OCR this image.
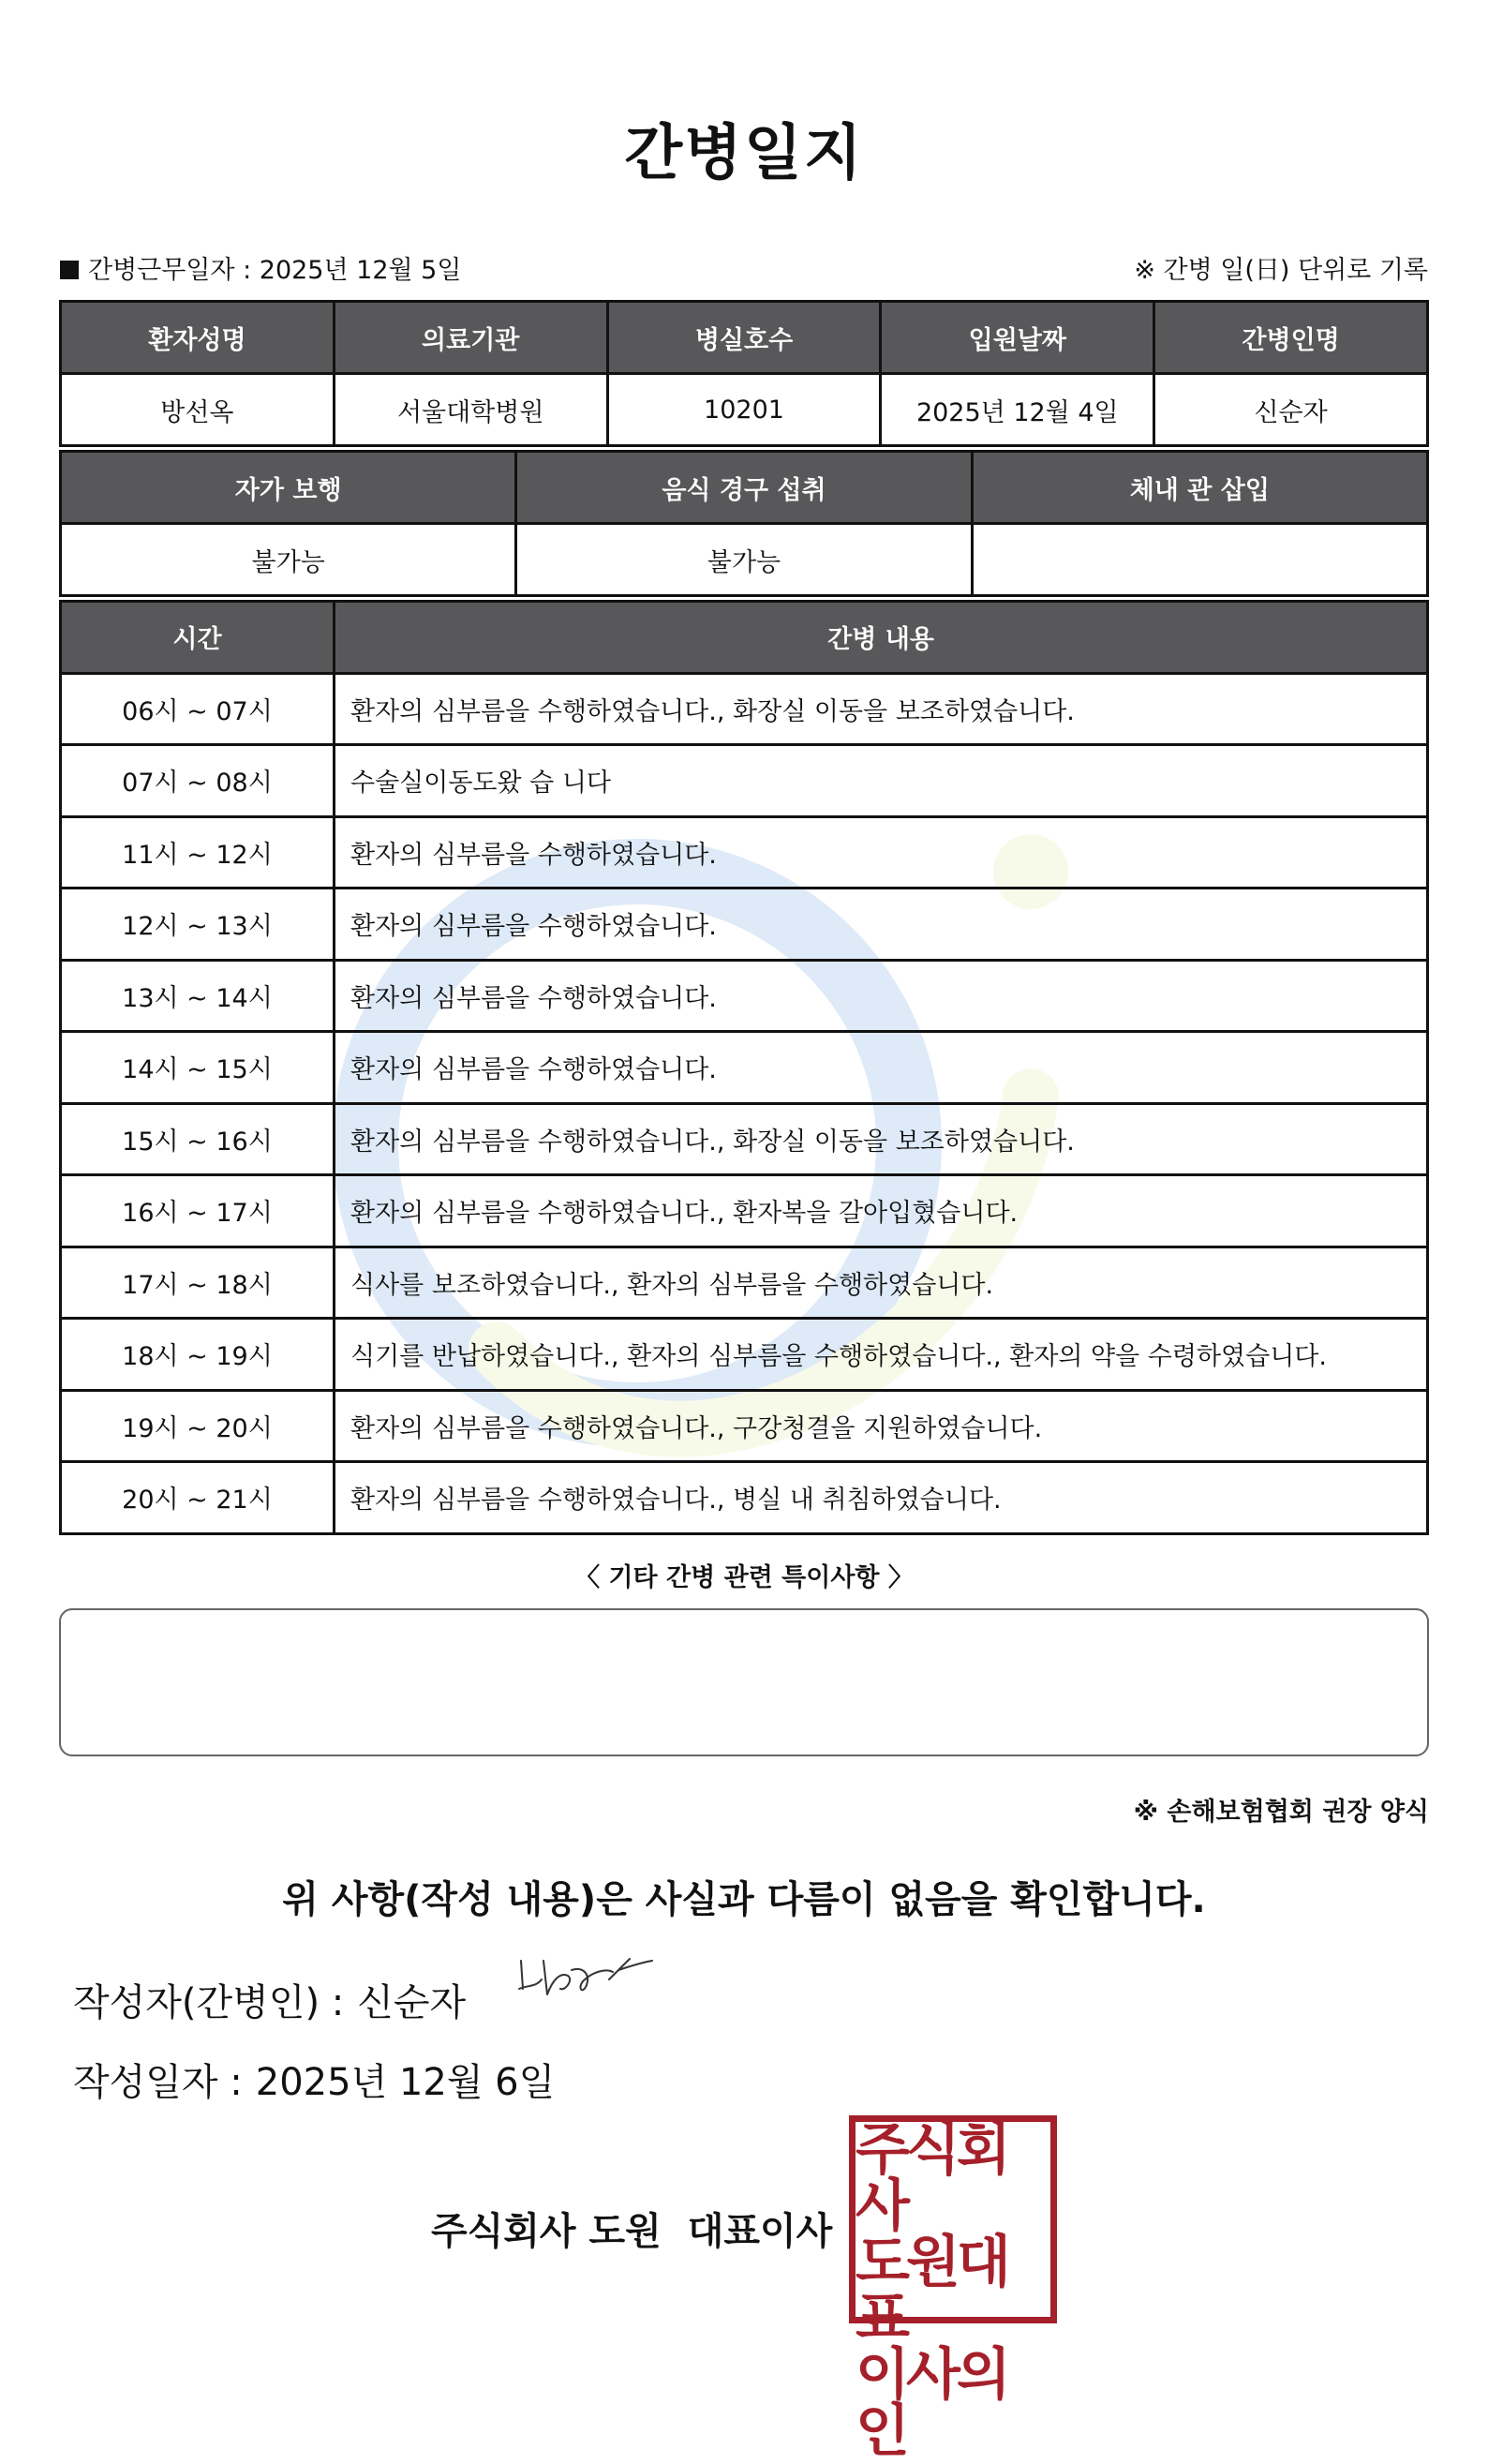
간병일지
간병근무일자 : 2025년 12월 5일	※ 간병 일(日) 단위로 기록
환자성명	의료기관	병실호수	입원날짜	간병인명
방선옥	서울대학병원	10201	2025년 12월 4일	신순자
자가 보행	음식 경구 섭취	체내 관 삽입
불가능	불가능	
시간	간병 내용
06시 ~ 07시	환자의 심부름을 수행하였습니다., 화장실 이동을 보조하였습니다.
07시 ~ 08시	수술실이동도왔 습 니다
11시 ~ 12시	환자의 심부름을 수행하였습니다.
12시 ~ 13시	환자의 심부름을 수행하였습니다.
13시 ~ 14시	환자의 심부름을 수행하였습니다.
14시 ~ 15시	환자의 심부름을 수행하였습니다.
15시 ~ 16시	환자의 심부름을 수행하였습니다., 화장실 이동을 보조하였습니다.
16시 ~ 17시	환자의 심부름을 수행하였습니다., 환자복을 갈아입혔습니다.
17시 ~ 18시	식사를 보조하였습니다., 환자의 심부름을 수행하였습니다.
18시 ~ 19시	식기를 반납하였습니다., 환자의 심부름을 수행하였습니다., 환자의 약을 수령하였습니다.
19시 ~ 20시	환자의 심부름을 수행하였습니다., 구강청결을 지원하였습니다.
20시 ~ 21시	환자의 심부름을 수행하였습니다., 병실 내 취침하였습니다.
〈 기타 간병 관련 특이사항 〉
※ 손해보험협회 권장 양식
위 사항(작성 내용)은 사실과 다름이 없음을 확인합니다.
작성자(간병인) : 신순자
작성일자 : 2025년 12월 6일
주식회사 도원 대표이사
주식회사
도원대표
이사의인
